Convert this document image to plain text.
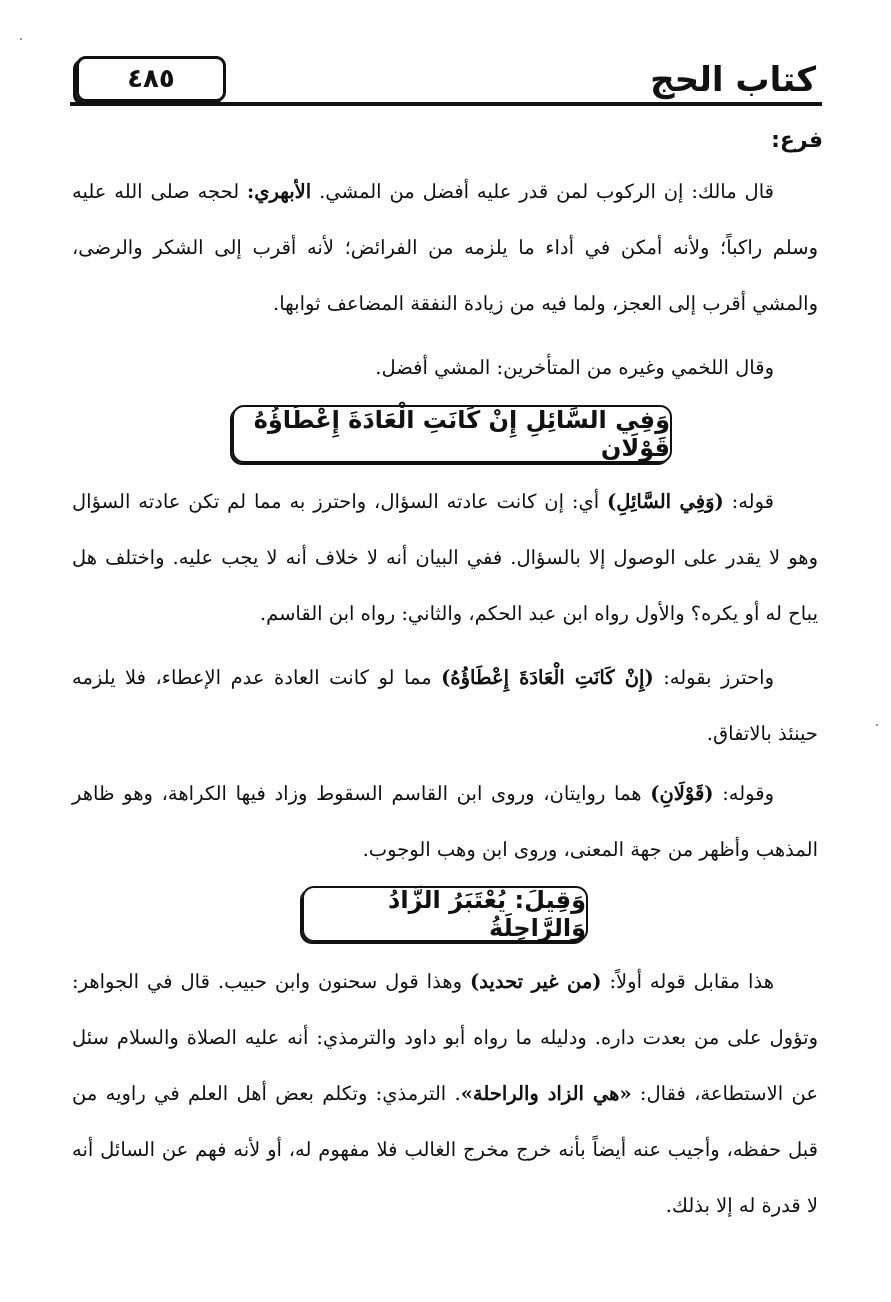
كتاب الحج
٤٨٥
فرع:
قال مالك: إن الركوب لمن قدر عليه أفضل من المشي. الأبهري: لحجه صلى الله عليه وسلم راكباً؛ ولأنه أمكن في أداء ما يلزمه من الفرائض؛ لأنه أقرب إلى الشكر والرضى، والمشي أقرب إلى العجز، ولما فيه من زيادة النفقة المضاعف ثوابها.
وقال اللخمي وغيره من المتأخرين: المشي أفضل.
وَفِي السَّائِلِ إِنْ كَانَتِ الْعَادَةَ إِعْطَاؤُهُ قَوْلَانِ
قوله: (وَفِي السَّائِلِ) أي: إن كانت عادته السؤال، واحترز به مما لم تكن عادته السؤال وهو لا يقدر على الوصول إلا بالسؤال. ففي البيان أنه لا خلاف أنه لا يجب عليه. واختلف هل يباح له أو يكره؟ والأول رواه ابن عبد الحكم، والثاني: رواه ابن القاسم.
واحترز بقوله: (إِنْ كَانَتِ الْعَادَةَ إِعْطَاؤُهُ) مما لو كانت العادة عدم الإعطاء، فلا يلزمه حينئذ بالاتفاق.
وقوله: (قَوْلَانِ) هما روايتان، وروى ابن القاسم السقوط وزاد فيها الكراهة، وهو ظاهر المذهب وأظهر من جهة المعنى، وروى ابن وهب الوجوب.
وَقِيلَ: يُعْتَبَرُ الزَّادُ وَالرَّاحِلَةُ
هذا مقابل قوله أولاً: (من غير تحديد) وهذا قول سحنون وابن حبيب. قال في الجواهر: وتؤول على من بعدت داره. ودليله ما رواه أبو داود والترمذي: أنه عليه الصلاة والسلام سئل عن الاستطاعة، فقال: «هي الزاد والراحلة». الترمذي: وتكلم بعض أهل العلم في راويه من قبل حفظه، وأجيب عنه أيضاً بأنه خرج مخرج الغالب فلا مفهوم له، أو لأنه فهم عن السائل أنه لا قدرة له إلا بذلك.
